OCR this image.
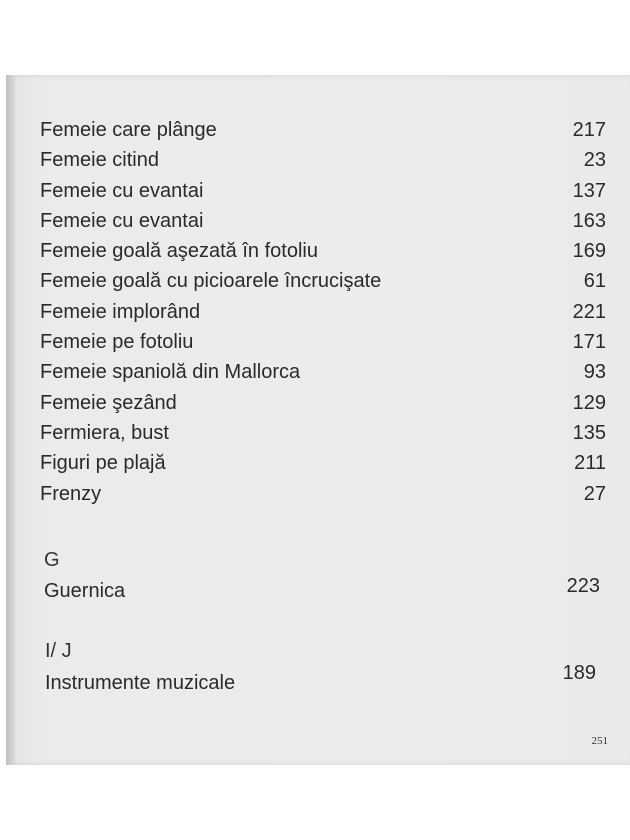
Femeie care plânge	217
Femeie citind	23
Femeie cu evantai	137
Femeie cu evantai	163
Femeie goală aşezată în fotoliu	169
Femeie goală cu picioarele încrucişate	61
Femeie implorând	221
Femeie pe fotoliu	171
Femeie spaniolă din Mallorca	93
Femeie şezând	129
Fermiera, bust	135
Figuri pe plajă	211
Frenzy	27
G
Guernica	223
I/ J
Instrumente muzicale	189
251
